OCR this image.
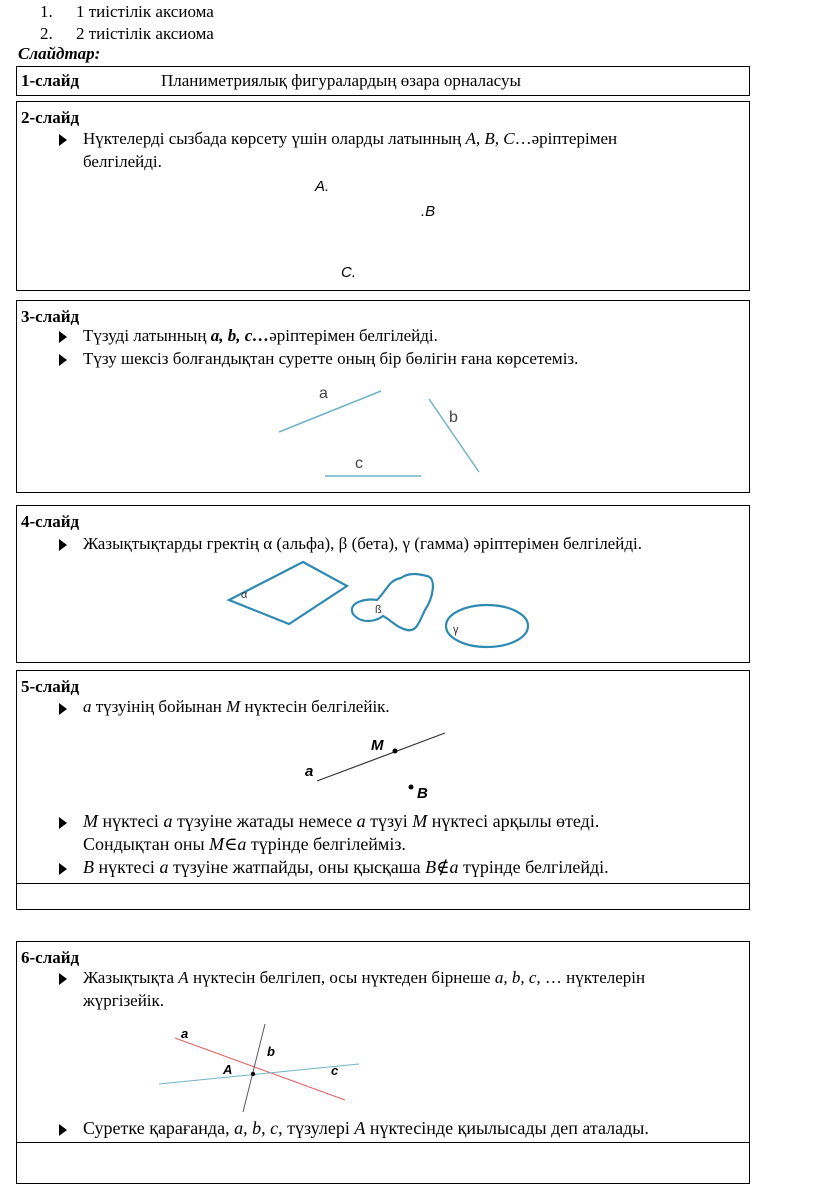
1. 1 тиістілік аксиома
2. 2 тиістілік аксиома
Слайдтар:
1-слайд	Планиметриялық фигуралардың өзара орналасуы
2-слайд
Нүктелерді сызбада көрсету үшін оларды латынның А, В, С…әріптерімен
белгілейді.
A.
.B
C.
3-слайд
Түзуді латынның a, b, c…әріптерімен белгілейді.
Түзу шексіз болғандықтан суретте оның бір бөлігін ғана көрсетеміз.
a
b
c
4-слайд
Жазықтықтарды гректің α (альфа), β (бета), γ (гамма) әріптерімен белгілейді.
α
ß
γ
5-слайд
a түзуінің бойынан М нүктесін белгілейік.
M
a
B
М нүктесі а түзуіне жатады немесе а түзуі М нүктесі арқылы өтеді.
Сондықтан оны М∈а түрінде белгілейміз.
В нүктесі а түзуіне жатпайды, оны қысқаша В∉а түрінде белгілейді.
6-слайд
Жазықтықта А нүктесін белгілеп, осы нүктеден бірнеше a, b, c, … нүктелерін
жүргізейік.
a
b
c
A
Суретке қарағанда, a, b, c, түзулері A нүктесінде қиылысады деп аталады.
